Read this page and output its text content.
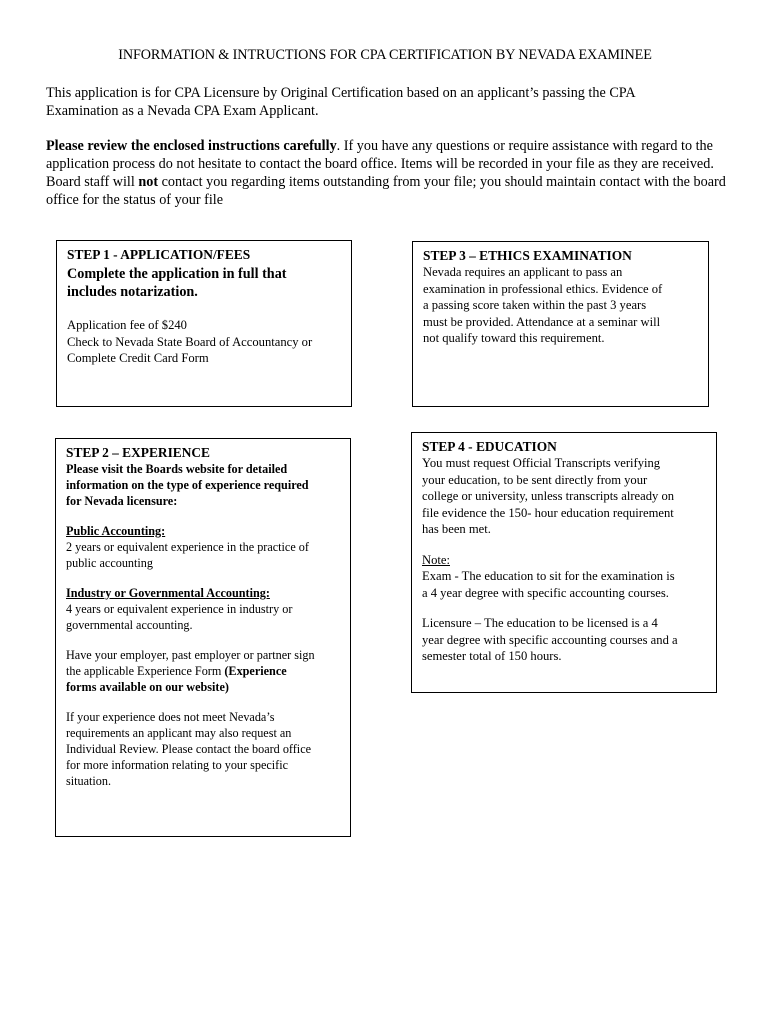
INFORMATION & INTRUCTIONS FOR CPA CERTIFICATION BY NEVADA EXAMINEE

This application is for CPA Licensure by Original Certification based on an applicant’s passing the CPA
Examination as a Nevada CPA Exam Applicant.

Please review the enclosed instructions carefully. If you have any questions or require assistance with regard to the application process do not hesitate to contact the board office. Items will be recorded in your file as they are received. Board staff will not contact you regarding items outstanding from your file; you should maintain contact with the board office for the status of your file

STEP 1 - APPLICATION/FEES
Complete the application in full that
includes notarization.
Application fee of $240
Check to Nevada State Board of Accountancy or
Complete Credit Card Form
STEP 3 – ETHICS EXAMINATION
Nevada requires an applicant to pass an
examination in professional ethics. Evidence of
a passing score taken within the past 3 years
must be provided. Attendance at a seminar will
not qualify toward this requirement.
STEP 2 – EXPERIENCE
Please visit the Boards website for detailed
information on the type of experience required
for Nevada licensure:
Public Accounting:
2 years or equivalent experience in the practice of
public accounting
Industry or Governmental Accounting:
4 years or equivalent experience in industry or
governmental accounting.
Have your employer, past employer or partner sign
the applicable Experience Form (Experience
forms available on our website)
If your experience does not meet Nevada’s
requirements an applicant may also request an
Individual Review. Please contact the board office
for more information relating to your specific
situation.
STEP 4 - EDUCATION
You must request Official Transcripts verifying
your education, to be sent directly from your
college or university, unless transcripts already on
file evidence the 150- hour education requirement
has been met.
Note:
Exam - The education to sit for the examination is
a 4 year degree with specific accounting courses.
Licensure – The education to be licensed is a 4
year degree with specific accounting courses and a
semester total of 150 hours.
